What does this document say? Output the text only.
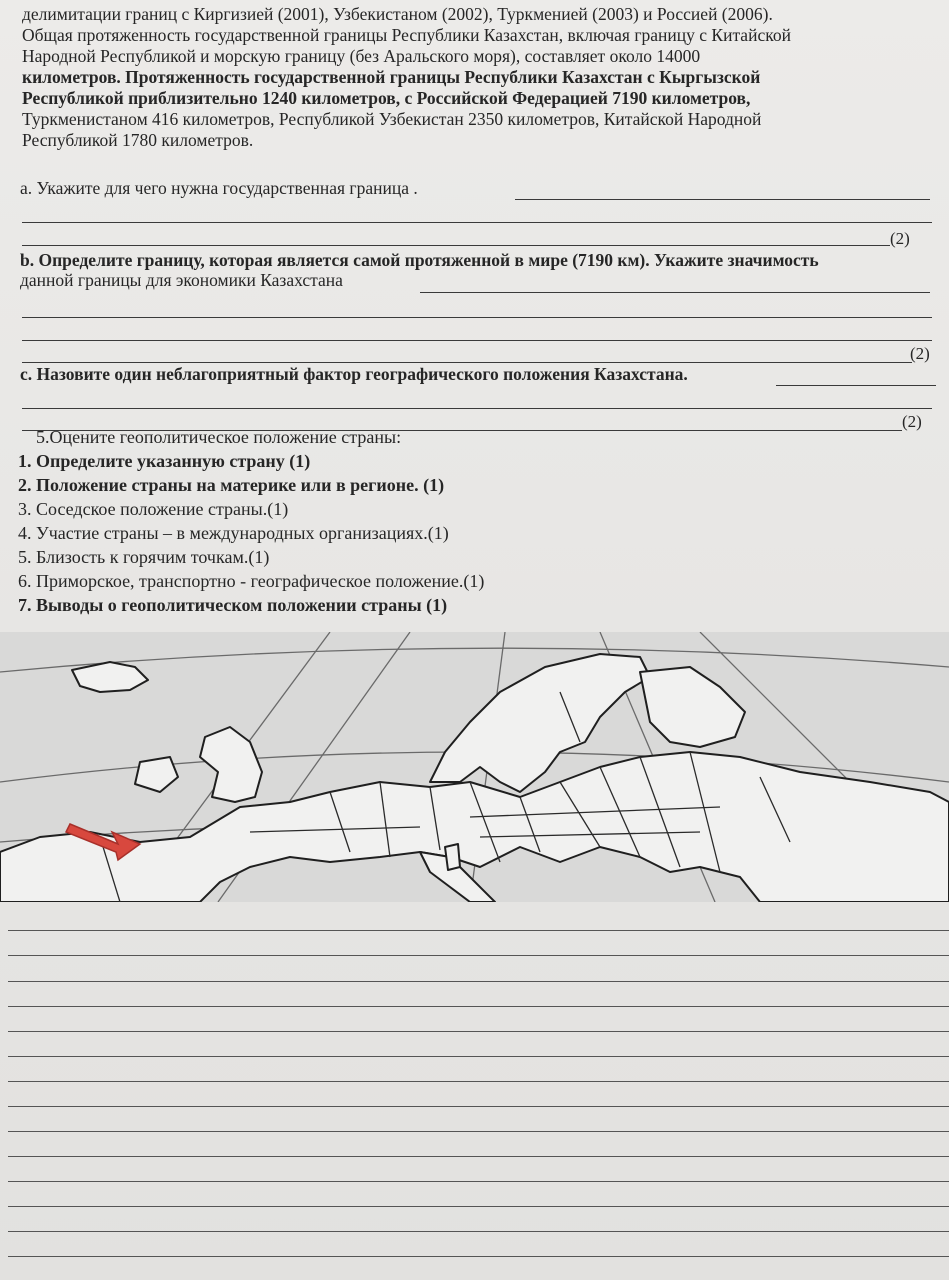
делимитации границ с Киргизией (2001), Узбекистаном (2002), Туркменией (2003) и Россией (2006).

Общая протяженность государственной границы Республики Казахстан, включая границу с Китайской

Народной Республикой и морскую границу (без Аральского моря), составляет около 14000

километров. Протяженность государственной границы Республики Казахстан с Кыргызской

Республикой приблизительно 1240 километров, с Российской Федерацией 7190 километров,

Туркменистаном 416 километров, Республикой Узбекистан 2350 километров, Китайской Народной

Республикой 1780 километров.

a. Укажите для чего нужна государственная граница .
(2)
b. Определите границу, которая является самой протяженной в мире (7190 км). Укажите значимость
данной границы для экономики Казахстана
(2)
c. Назовите один неблагоприятный фактор географического положения Казахстана.
(2)
5.Оцените геополитическое положение страны:
1. Определите указанную страну (1)
2. Положение страны на материке или в регионе. (1)
3. Соседское положение страны.(1)
4. Участие страны – в международных организациях.(1)
5. Близость к горячим точкам.(1)
6. Приморское, транспортно - географическое положение.(1)
7. Выводы о геополитическом положении страны (1)
